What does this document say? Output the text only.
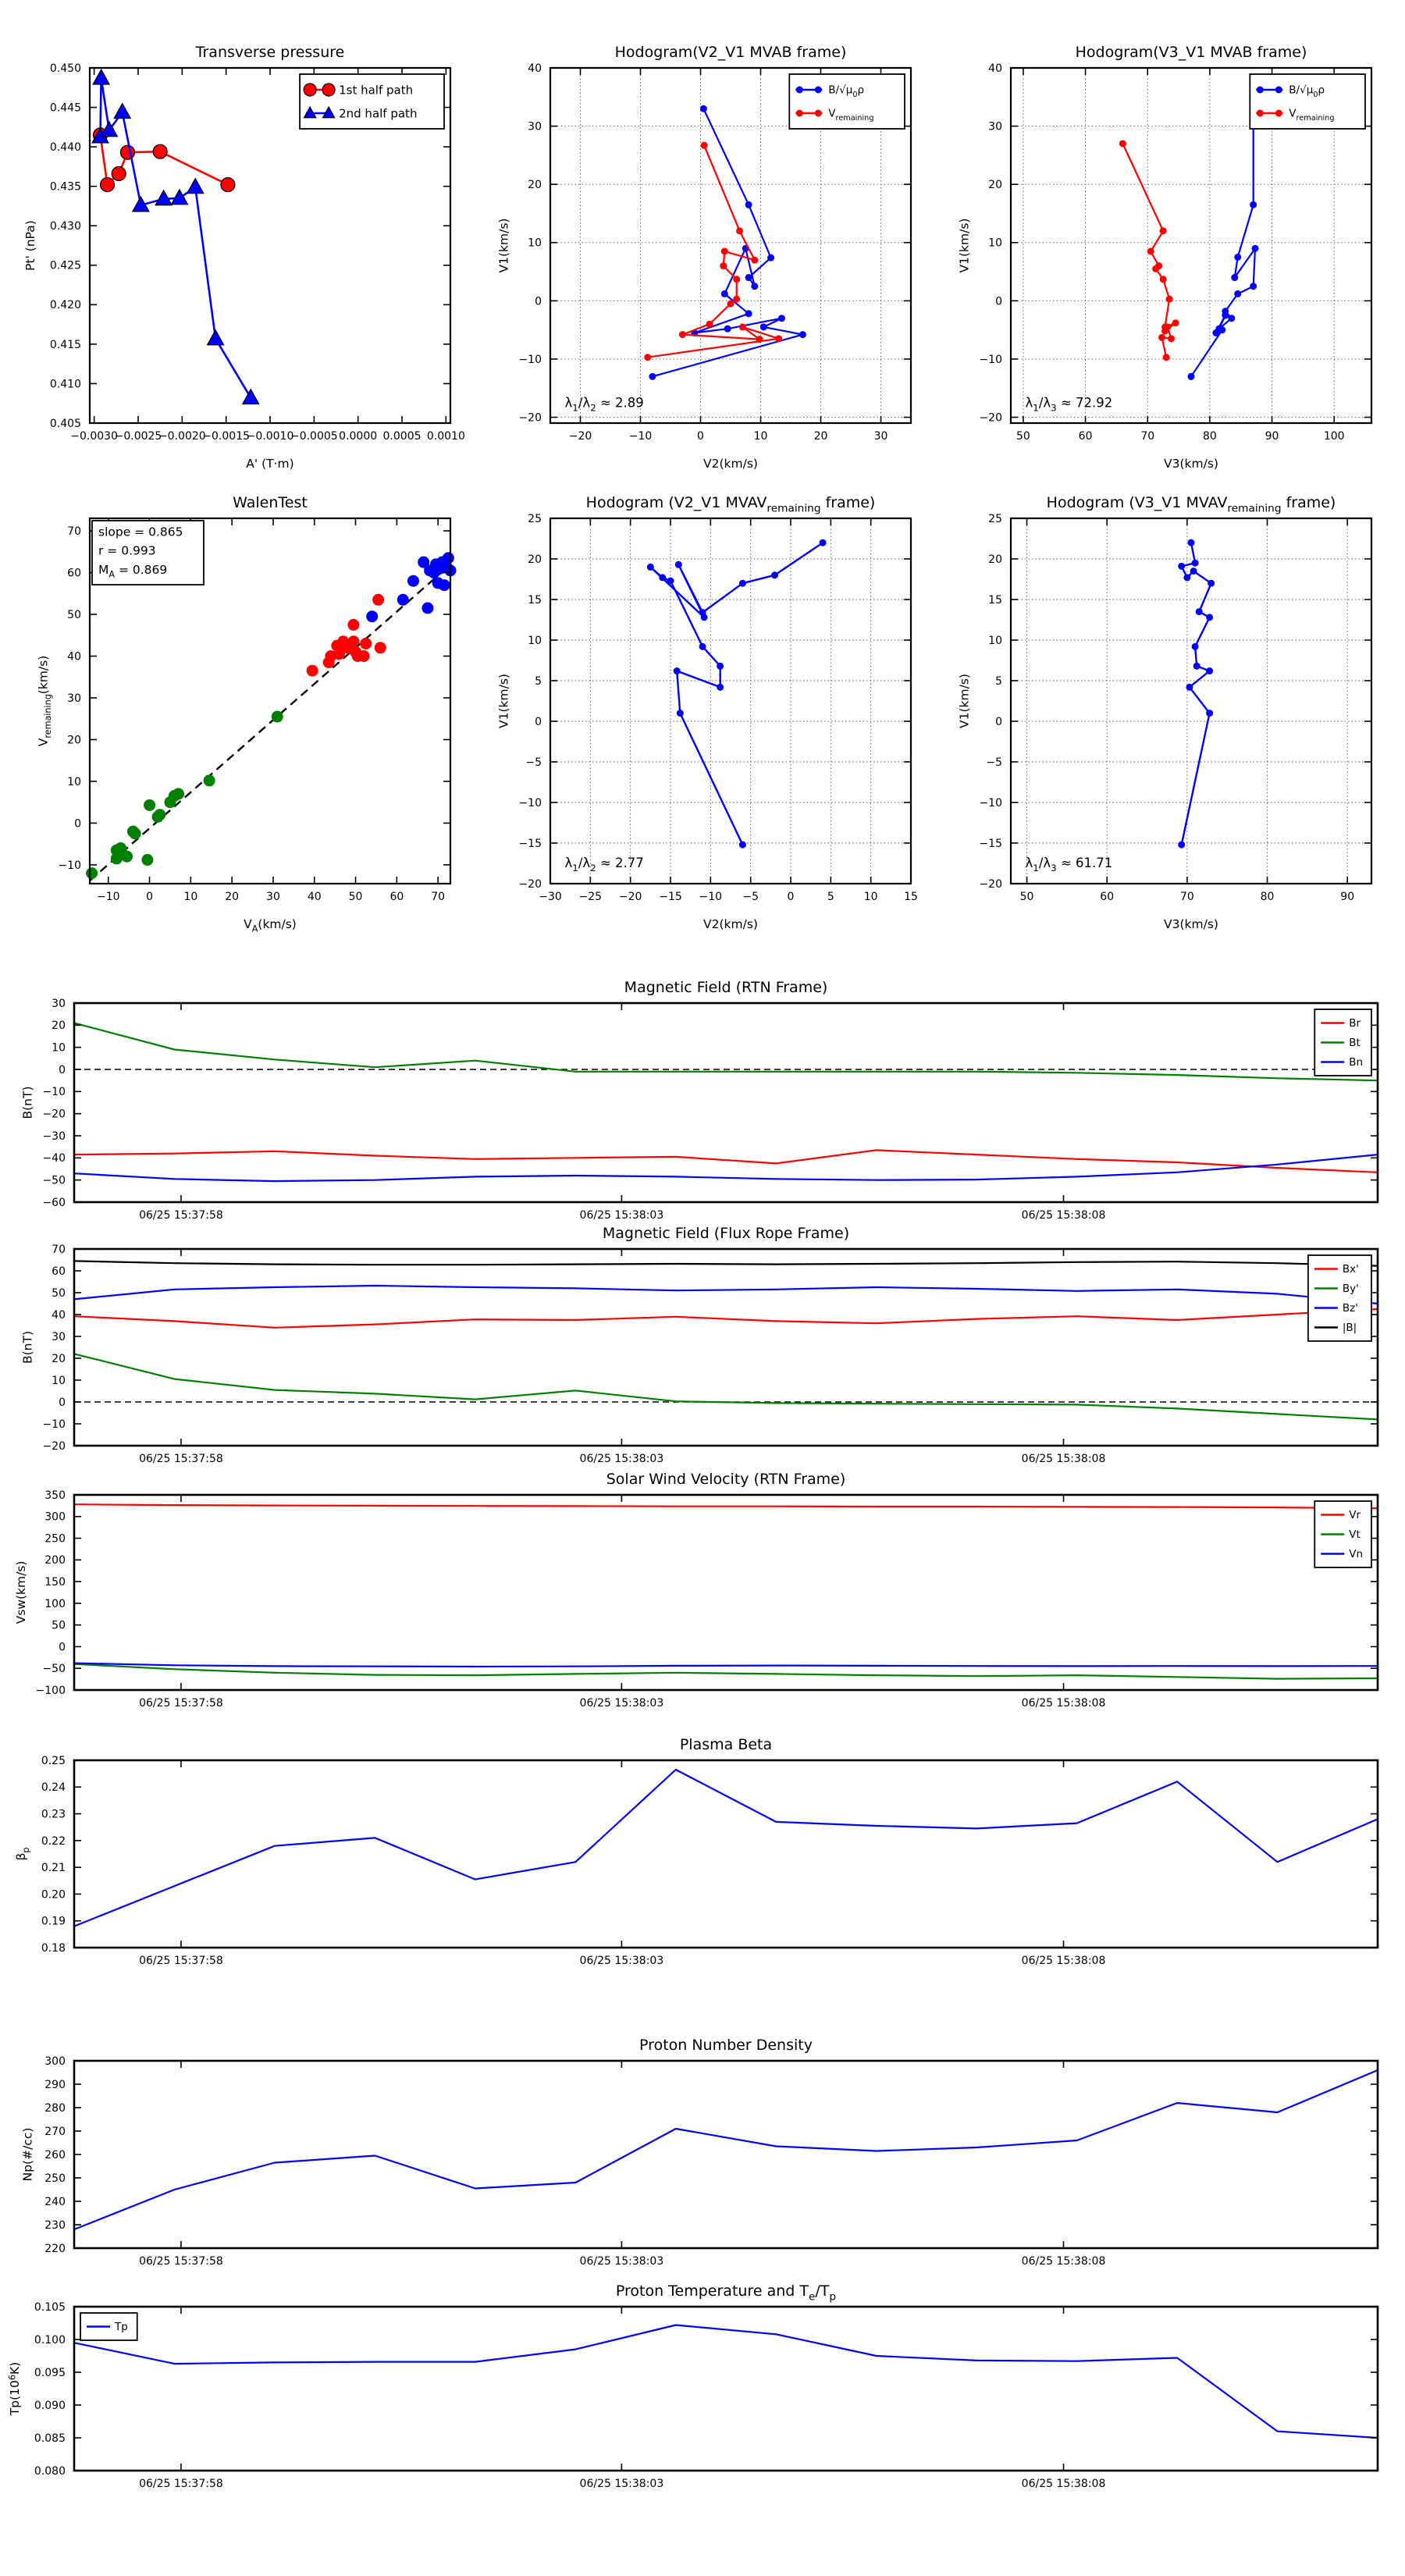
−0.0030
−0.0025
−0.0020
−0.0015
−0.0010
−0.0005 0.0000 0.0005 0.0010
0.405
0.410
0.415
0.420
0.425
0.430
0.435
0.440
0.445
0.450
Transverse pressure
A' (T·m)
Pt' (nPa)
1st half path
2nd half path
−20	−10	0	10	20	30
−20
−10
0
10
20
30
40
Hodogram(V2_V1 MVAB frame)
V2(km/s)
V1(km/s)
$B/√\mu_0\rho$
$V_{remaining}$
$\lambda_1/\lambda_2 \approx 2.89$
50	60	70	80	90	100
−20
−10
0
10
20
30
40
Hodogram(V3_V1 MVAB frame)
V3(km/s)
V1(km/s)
$B/√\mu_0\rho$
$V_{remaining}$
$\lambda_1/\lambda_3 \approx 72.92$
−10 0	10 20 30 40 50 60 70
−10
0
10
20
30
40
50
60
70
WalenTest
$V_A(km/s)$
$V_{remaining}(km/s)$
slope = 0.865
r = 0.993
$M_A = 0.869$
−30 −25 −20 −15 −10 −5	0	5	10 15
−20
−15
−10
−5
0
5
10
15
20
25
Hodogram (V2_V1 $MVAV_{remaining}$ frame)
V2(km/s)
V1(km/s)
$\lambda_1/\lambda_2 \approx 2.77$
50	60	70	80	90
−20
−15
−10
−5
0
5
10
15
20
25
Hodogram (V3_V1 $MVAV_{remaining}$ frame)
V3(km/s)
V1(km/s)
$\lambda_1/\lambda_3 \approx 61.71$
06/25 15:37:58	06/25 15:38:03	06/25 15:38:08
−60
−50
−40
−30
−20
−10
0
10
20
30
Magnetic Field (RTN Frame)
B(nT)
Br
Bt
Bn
06/25 15:37:58	06/25 15:38:03	06/25 15:38:08
−20
−10
0
10
20
30
40
50
60
70
Magnetic Field (Flux Rope Frame)
B(nT)
Bx'
By'
Bz'
|B|
06/25 15:37:58	06/25 15:38:03	06/25 15:38:08
−100
−50
0
50
100
150
200
250
300
350
Solar Wind Velocity (RTN Frame)
Vsw(km/s)
Vr
Vt
Vn
06/25 15:37:58	06/25 15:38:03	06/25 15:38:08
0.18
0.19
0.20
0.21
0.22
0.23
0.24
0.25
Plasma Beta
$\beta_p$
06/25 15:37:58	06/25 15:38:03	06/25 15:38:08
220
230
240
250
260
270
280
290
300
Proton Number Density
Np(#/cc)
06/25 15:37:58	06/25 15:38:03	06/25 15:38:08
0.080
0.085
0.090
0.095
0.100
0.105
Proton Temperature and $T_e/T_p$
$Tp(10^6K)$
Tp
